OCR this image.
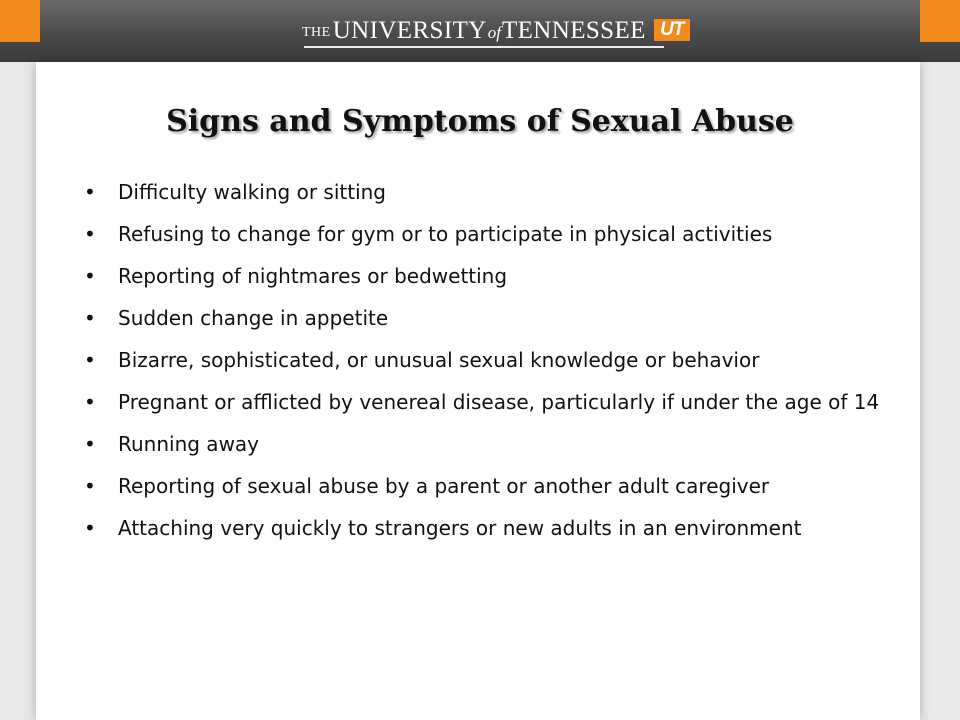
THE UNIVERSITY of TENNESSEE UT
Signs and Symptoms of Sexual Abuse
• Difficulty walking or sitting
• Refusing to change for gym or to participate in physical activities
• Reporting of nightmares or bedwetting
• Sudden change in appetite
• Bizarre, sophisticated, or unusual sexual knowledge or behavior
• Pregnant or afflicted by venereal disease, particularly if under the age of 14
• Running away
• Reporting of sexual abuse by a parent or another adult caregiver
• Attaching very quickly to strangers or new adults in an environment
